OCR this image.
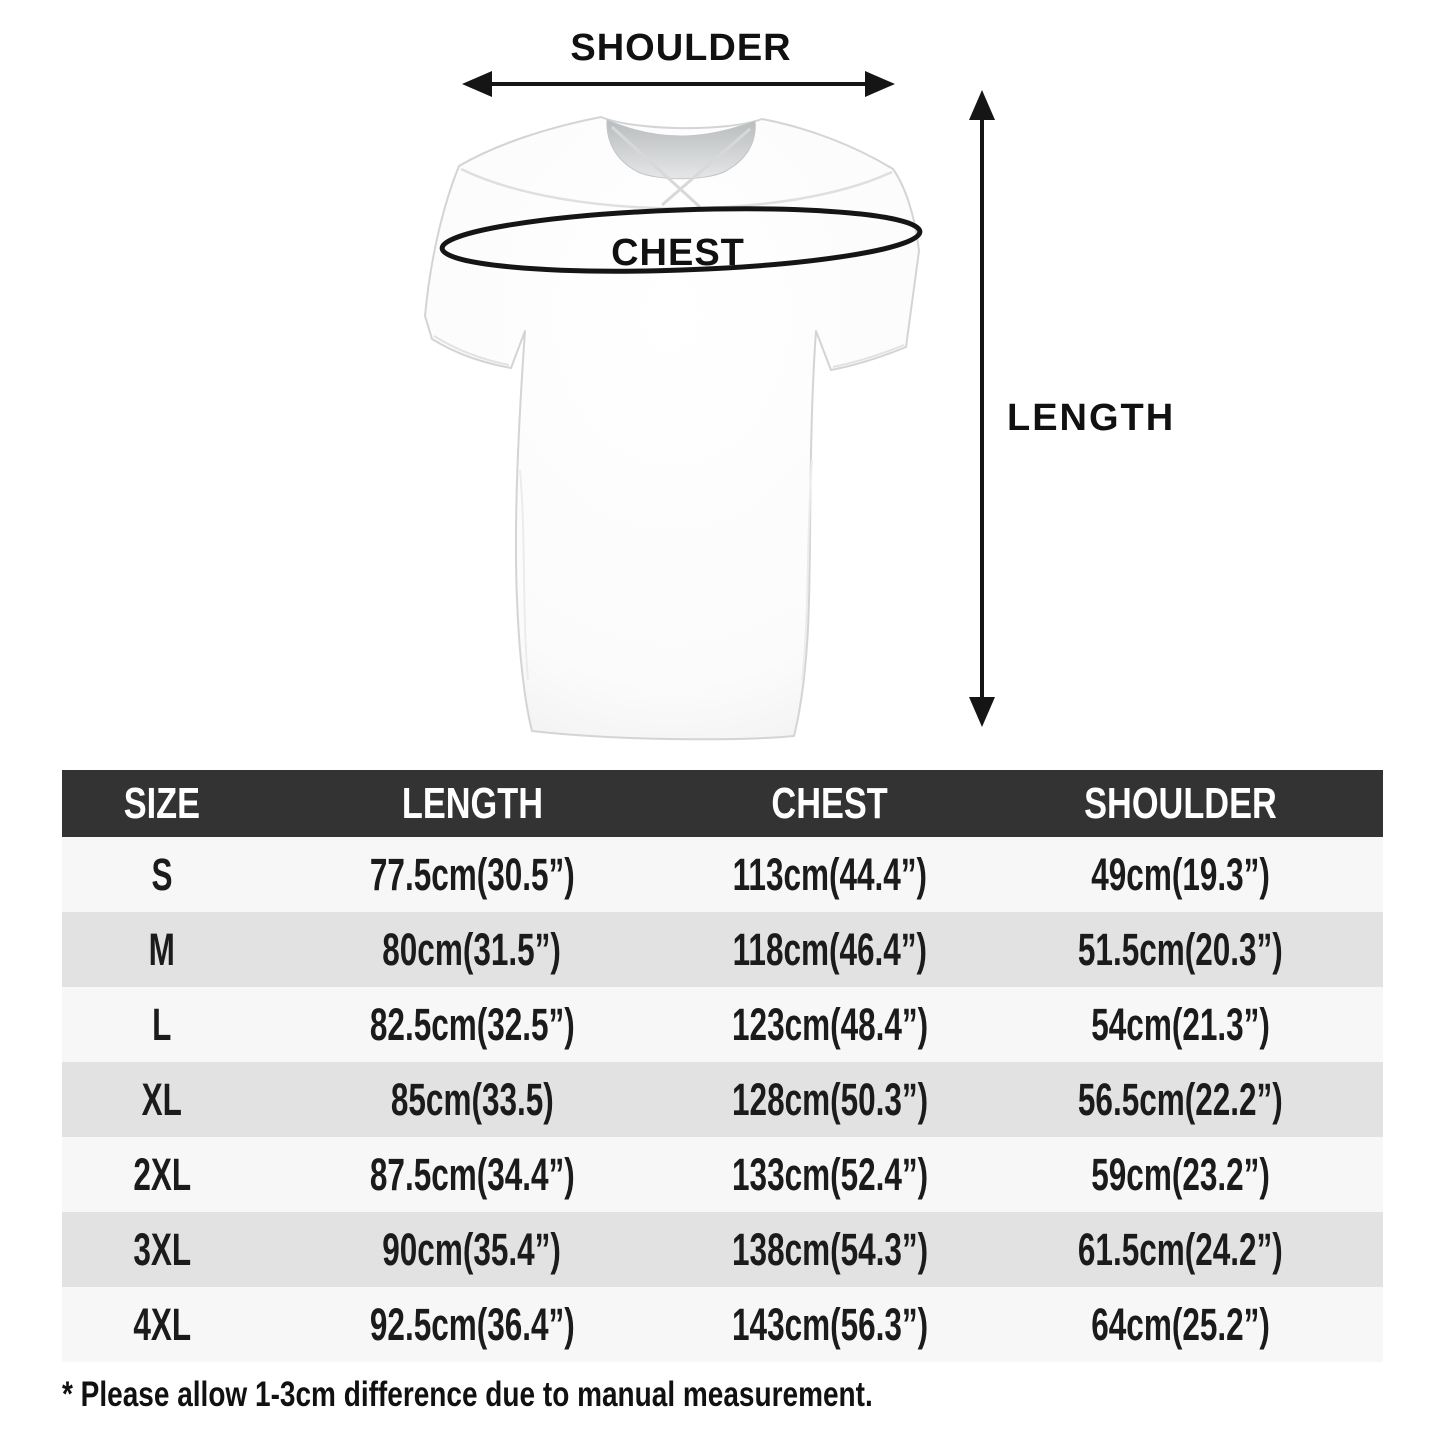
SHOULDER
CHEST
LENGTH
SIZE	LENGTH	CHEST	SHOULDER
S	77.5cm(30.5”)	113cm(44.4”)	49cm(19.3”)
M	80cm(31.5”)	118cm(46.4”)	51.5cm(20.3”)
L	82.5cm(32.5”)	123cm(48.4”)	54cm(21.3”)
XL	85cm(33.5)	128cm(50.3”)	56.5cm(22.2”)
2XL	87.5cm(34.4”)	133cm(52.4”)	59cm(23.2”)
3XL	90cm(35.4”)	138cm(54.3”)	61.5cm(24.2”)
4XL	92.5cm(36.4”)	143cm(56.3”)	64cm(25.2”)
* Please allow 1-3cm difference due to manual measurement.
